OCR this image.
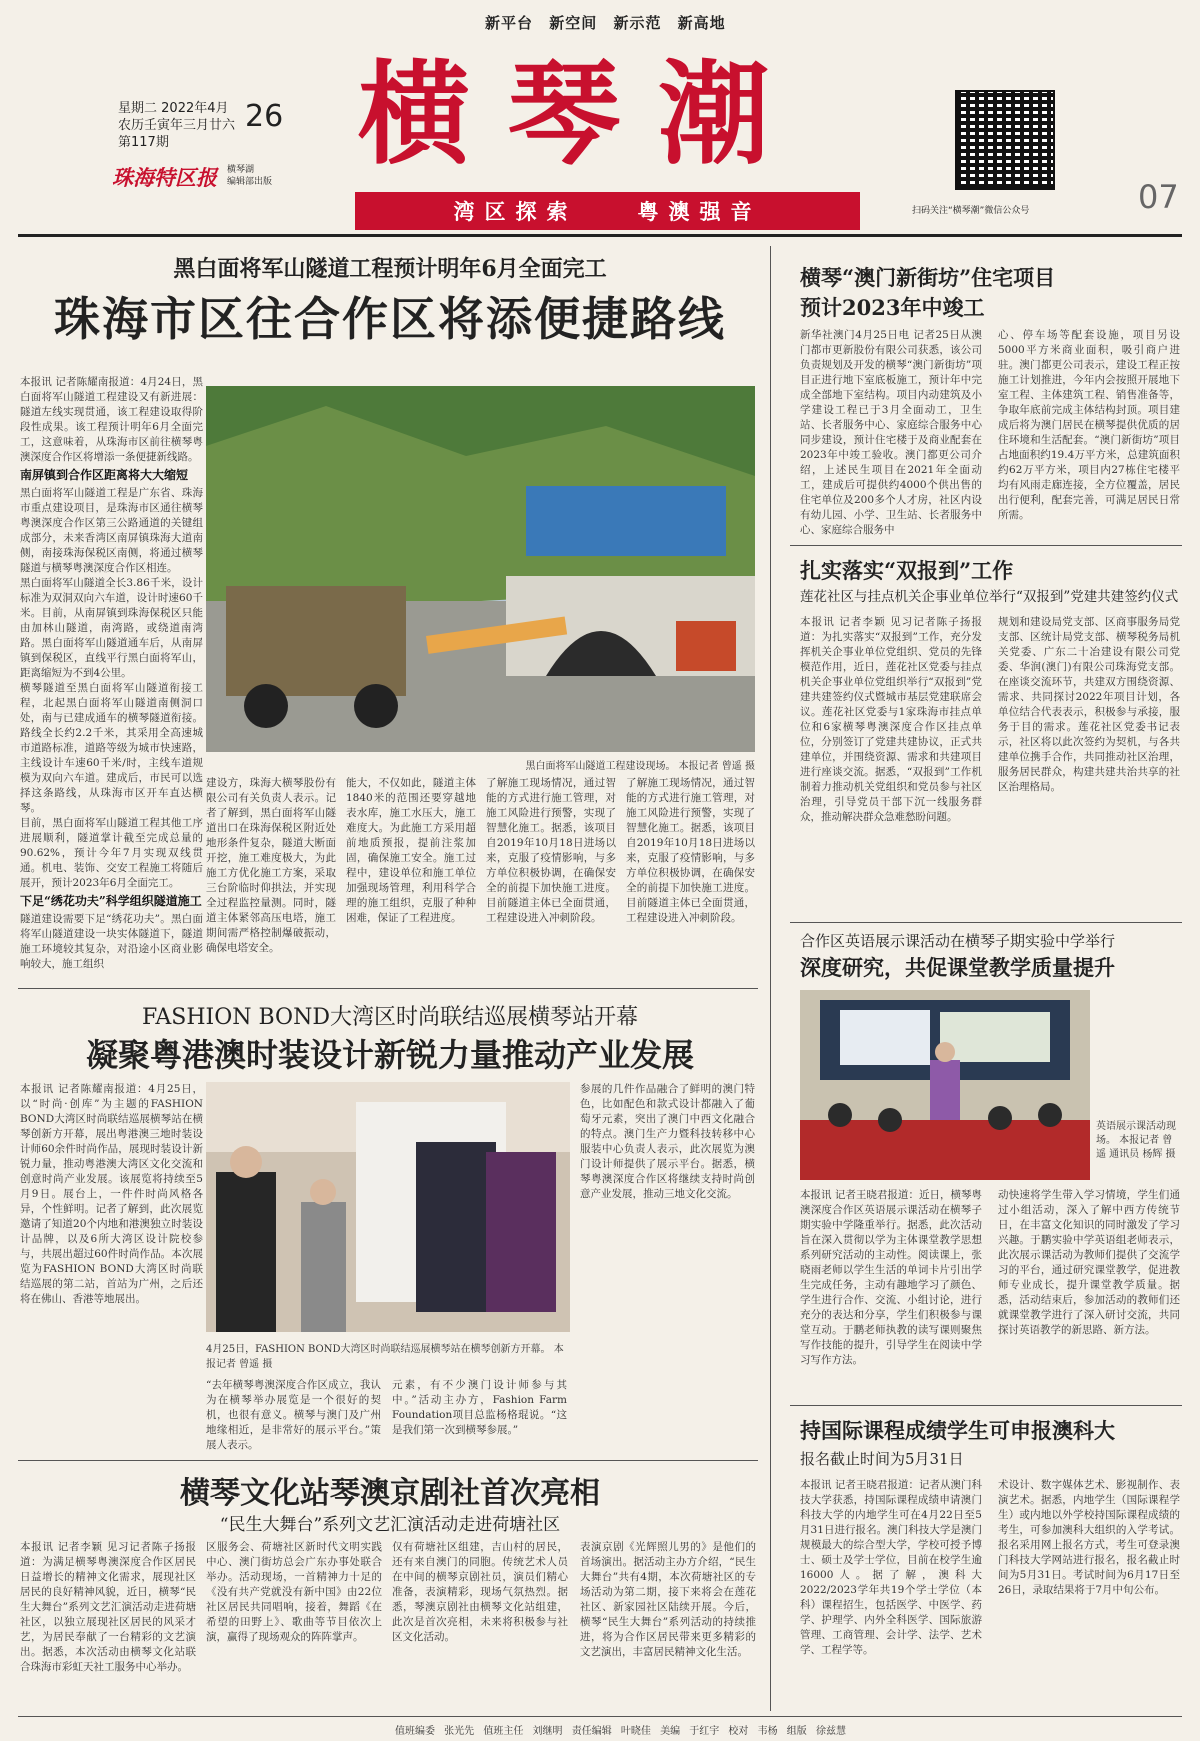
新平台 新空间 新示范 新高地
星期二 2022年4月
农历壬寅年三月廿六
第117期
26
珠海特区报 横琴湖
编辑部出版
横琴潮
湾区探索	粤澳强音	扫码关注“横琴潮”微信公众号	07
黑白面将军山隧道工程预计明年6月全面完工
珠海市区往合作区将添便捷路线
本报讯 记者陈耀南报道：4月24日，黑白面将军山隧道工程建设又有新进展：隧道左线实现贯通，该工程建设取得阶段性成果。该工程预计明年6月全面完工，这意味着，从珠海市区前往横琴粤澳深度合作区将增添一条便捷新线路。
南屏镇到合作区距离将大大缩短
黑白面将军山隧道工程是广东省、珠海市重点建设项目，是珠海市区通往横琴粤澳深度合作区第三公路通道的关键组成部分，未来香湾区南屏镇珠海大道南侧，南接珠海保税区南侧，将通过横琴隧道与横琴粤澳深度合作区相连。
黑白面将军山隧道全长3.86千米，设计标准为双洞双向六车道，设计时速60千米。目前，从南屏镇到珠海保税区只能由加林山隧道，南湾路，或绕道南湾路。黑白面将军山隧道通车后，从南屏镇到保税区，直线平行黑白面将军山，距离缩短为不到4公里。
横琴隧道至黑白面将军山隧道衔接工程，北起黑白面将军山隧道南侧洞口处，南与已建成通车的横琴隧道衔接。路线全长约2.2千米，其采用全高速城市道路标准，道路等级为城市快速路，主线设计车速60千米/时，主线车道规模为双向六车道。建成后，市民可以选择这条路线，从珠海市区开车直达横琴。
目前，黑白面将军山隧道工程其他工序进展顺利，隧道掌计截至完成总量的90.62%，预计今年7月实现双线贯通。机电、装饰、交安工程施工将随后展开，预计2023年6月全面完工。
下足“绣花功夫”科学组织隧道施工
隧道建设需要下足“绣花功夫”。黑白面将军山隧道建设一块实体隧道下，隧道施工环境较其复杂，对沿途小区商业影响较大，施工组织
黑白面将军山隧道工程建设现场。 本报记者 曾遥 摄
建设方，珠海大横琴股份有限公司有关负责人表示。记者了解到，黑白面将军山隧道出口在珠海保税区附近处地形条件复杂，隧道大断面开挖，施工难度极大，为此施工方优化施工方案，采取三台阶临时仰拱法，并实现全过程监控量测。同时，隧道主体紧邻高压电塔，施工期间需严格控制爆破振动，确保电塔安全。
能大，不仅如此，隧道主体1840米的范围还要穿越地表水库，施工水压大，施工难度大。为此施工方采用超前地质预报，提前注浆加固，确保施工安全。施工过程中，建设单位和施工单位加强现场管理，利用科学合理的施工组织，克服了种种困难，保证了工程进度。
了解施工现场情况，通过智能的方式进行施工管理，对施工风险进行预警，实现了智慧化施工。据悉，该项目自2019年10月18日进场以来，克服了疫情影响，与多方单位积极协调，在确保安全的前提下加快施工进度。目前隧道主体已全面贯通，工程建设进入冲刺阶段。
了解施工现场情况，通过智能的方式进行施工管理，对施工风险进行预警，实现了智慧化施工。据悉，该项目自2019年10月18日进场以来，克服了疫情影响，与多方单位积极协调，在确保安全的前提下加快施工进度。目前隧道主体已全面贯通，工程建设进入冲刺阶段。
FASHION BOND大湾区时尚联结巡展横琴站开幕
凝聚粤港澳时装设计新锐力量推动产业发展
本报讯 记者陈耀南报道：4月25日，以“时尚·创库”为主题的FASHION BOND大湾区时尚联结巡展横琴站在横琴创新方开幕，展出粤港澳三地时装设计师60余件时尚作品，展现时装设计新锐力量，推动粤港澳大湾区文化交流和创意时尚产业发展。该展览将持续至5月9日。展台上，一件件时尚风格各异，个性鲜明。记者了解到，此次展览邀请了知道20个内地和港澳独立时装设计品牌，以及6所大湾区设计院校参与，共展出超过60件时尚作品。本次展览为FASHION BOND大湾区时尚联结巡展的第二站，首站为广州，之后还将在佛山、香港等地展出。
4月25日，FASHION BOND大湾区时尚联结巡展横琴站在横琴创新方开幕。 本报记者 曾遥 摄
“去年横琴粤澳深度合作区成立，我认为在横琴举办展览是一个很好的契机，也很有意义。横琴与澳门及广州地缘相近，是非常好的展示平台。”策展人表示。
元素，有不少澳门设计师参与其中。”活动主办方，Fashion Farm Foundation项目总监杨格琨说。“这是我们第一次到横琴参展。”
参展的几件作品融合了鲜明的澳门特色，比如配色和款式设计都融入了葡萄牙元素，突出了澳门中西文化融合的特点。澳门生产力暨科技转移中心服装中心负责人表示，此次展览为澳门设计师提供了展示平台。据悉，横琴粤澳深度合作区将继续支持时尚创意产业发展，推动三地文化交流。
横琴文化站琴澳京剧社首次亮相
“民生大舞台”系列文艺汇演活动走进荷塘社区
本报讯 记者李颖 见习记者陈子扬报道：为满足横琴粤澳深度合作区居民日益增长的精神文化需求，展现社区居民的良好精神风貌，近日，横琴“民生大舞台”系列文艺汇演活动走进荷塘社区，以独立展现社区居民的风采才艺，为居民奉献了一台精彩的文艺演出。据悉，本次活动由横琴文化站联合珠海市彩虹天社工服务中心举办。
区服务会、荷塘社区新时代文明实践中心、澳门街坊总会广东办事处联合举办。活动现场，一首精神力十足的《没有共产党就没有新中国》由22位社区居民共同唱响，接着，舞蹈《在希望的田野上》、歌曲等节目依次上演，赢得了现场观众的阵阵掌声。
仅有荷塘社区组建，吉山村的居民，还有来自澳门的同胞。传统艺术人员在中间的横琴京剧社员，演员们精心准备，表演精彩，现场气氛热烈。据悉，琴澳京剧社由横琴文化站组建，此次是首次亮相，未来将积极参与社区文化活动。
表演京剧《光辉照儿男的》是他们的首场演出。据活动主办方介绍，“民生大舞台”共有4期，本次荷塘社区的专场活动为第二期，接下来将会在莲花社区、新家园社区陆续开展。今后，横琴“民生大舞台”系列活动的持续推进，将为合作区居民带来更多精彩的文艺演出，丰富居民精神文化生活。
横琴“澳门新街坊”住宅项目
预计2023年中竣工
新华社澳门4月25日电 记者25日从澳门都市更新股份有限公司获悉，该公司负责规划及开发的横琴“澳门新街坊”项目正进行地下室底板施工，预计年中完成全部地下室结构。项目内动建筑及小学建设工程已于3月全面动工，卫生站、长者服务中心、家庭综合服务中心同步建设，预计住宅楼于及商业配套在2023年中竣工验收。澳门都更公司介绍，上述民生项目在2021年全面动工，建成后可提供约4000个供出售的住宅单位及200多个人才房，社区内设有幼儿园、小学、卫生站、长者服务中心、家庭综合服务中
心、停车场等配套设施，项目另设5000平方米商业面积，吸引商户进驻。澳门都更公司表示，建设工程正按施工计划推进，今年内会按照开展地下室工程、主体建筑工程、销售准备等，争取年底前完成主体结构封顶。项目建成后将为澳门居民在横琴提供优质的居住环境和生活配套。“澳门新街坊”项目占地面积约19.4万平方米，总建筑面积约62万平方米，项目内27栋住宅楼平均有风雨走廊连接，全方位覆盖，居民出行便利，配套完善，可满足居民日常所需。
扎实落实“双报到”工作
莲花社区与挂点机关企事业单位举行“双报到”党建共建签约仪式
本报讯 记者李颖 见习记者陈子扬报道：为扎实落实“双报到”工作，充分发挥机关企事业单位党组织、党员的先锋模范作用，近日，莲花社区党委与挂点机关企事业单位党组织举行“双报到”党建共建签约仪式暨城市基层党建联席会议。莲花社区党委与1家珠海市挂点单位和6家横琴粤澳深度合作区挂点单位，分别签订了党建共建协议，正式共建单位，并围绕资源、需求和共建项目进行座谈交流。据悉，“双报到”工作机制着力推动机关党组织和党员参与社区治理，引导党员干部下沉一线服务群众，推动解决群众急难愁盼问题。
规划和建设局党支部、区商事服务局党支部、区统计局党支部、横琴税务局机关党委、广东二十冶建设有限公司党委、华润(澳门)有限公司珠海党支部。在座谈交流环节，共建双方围绕资源、需求、共同探讨2022年项目计划，各单位结合代表表示，积极参与承接，服务于目的需求。莲花社区党委书记表示，社区将以此次签约为契机，与各共建单位携手合作，共同推动社区治理，服务居民群众，构建共建共治共享的社区治理格局。
合作区英语展示课活动在横琴子期实验中学举行
深度研究，共促课堂教学质量提升
英语展示课活动现场。 本报记者 曾遥 通讯员 杨辉 摄
本报讯 记者王晓君报道：近日，横琴粤澳深度合作区英语展示课活动在横琴子期实验中学隆重举行。据悉，此次活动旨在深入贯彻以学为主体课堂教学思想系列研究活动的主动性。阅读课上，张晓雨老师以学生生活的单词卡片引出学生完成任务，主动有趣地学习了颜色、学生进行合作、交流、小组讨论，进行充分的表达和分享，学生们积极参与课堂互动。于鹏老师执教的读写课则聚焦写作技能的提升，引导学生在阅读中学习写作方法。
动快速将学生带入学习情境，学生们通过小组活动，深入了解中西方传统节日，在丰富文化知识的同时激发了学习兴趣。于鹏实验中学英语组老师表示，此次展示课活动为教师们提供了交流学习的平台，通过研究课堂教学，促进教师专业成长，提升课堂教学质量。据悉，活动结束后，参加活动的教师们还就课堂教学进行了深入研讨交流，共同探讨英语教学的新思路、新方法。
持国际课程成绩学生可申报澳科大
报名截止时间为5月31日
本报讯 记者王晓君报道：记者从澳门科技大学获悉，持国际课程成绩申请澳门科技大学的内地学生可在4月22日至5月31日进行报名。澳门科技大学是澳门规模最大的综合型大学，学校可授予博士、硕士及学士学位，目前在校学生逾16000人。据了解，澳科大2022/2023学年共19个学士学位（本科）课程招生，包括医学、中医学、药学、护理学、内外全科医学、国际旅游管理、工商管理、会计学、法学、艺术学、工程学等。
术设计、数字媒体艺术、影视制作、表演艺术。据悉，内地学生（国际课程学生）或内地以外学校持国际课程成绩的考生，可参加澳科大组织的入学考试。报名采用网上报名方式，考生可登录澳门科技大学网站进行报名，报名截止时间为5月31日。考试时间为6月17日至26日，录取结果将于7月中旬公布。
值班编委 张光先 值班主任 刘继明 责任编辑 叶晓佳 美编 于红宇 校对 韦杨 组版 徐兹慧
